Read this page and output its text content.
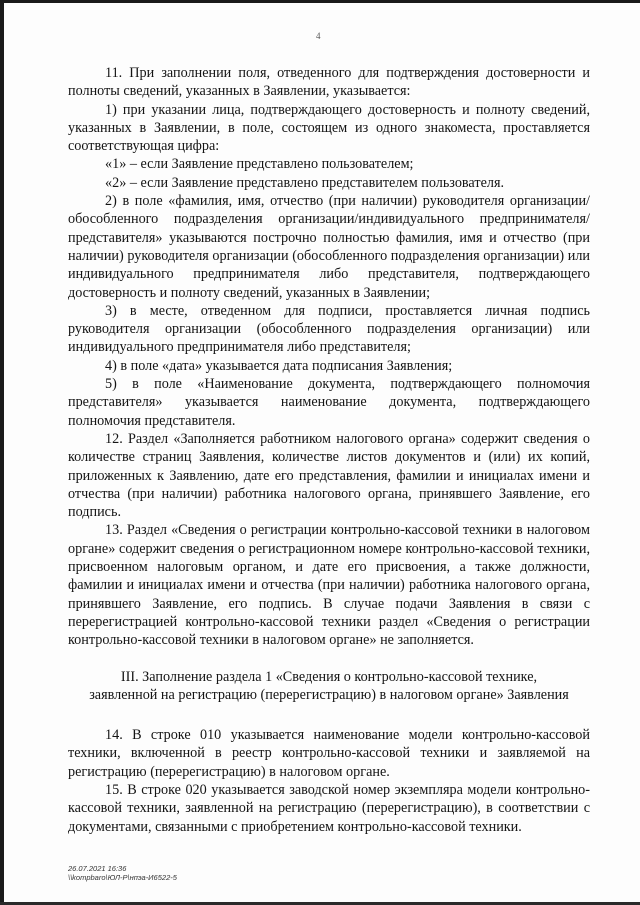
4

11. При заполнении поля, отведенного для подтверждения достоверности и полноты сведений, указанных в Заявлении, указывается:

1) при указании лица, подтверждающего достоверность и полноту сведений, указанных в Заявлении, в поле, состоящем из одного знакоместа, проставляется соответствующая цифра:

«1» – если Заявление представлено пользователем;

«2» – если Заявление представлено представителем пользователя.

2) в поле «фамилия, имя, отчество (при наличии) руководителя организации/обособленного подразделения организации/индивидуального предпринимателя/представителя» указываются построчно полностью фамилия, имя и отчество (при наличии) руководителя организации (обособленного подразделения организации) или индивидуального предпринимателя либо представителя, подтверждающего достоверность и полноту сведений, указанных в Заявлении;

3) в месте, отведенном для подписи, проставляется личная подпись руководителя организации (обособленного подразделения организации) или индивидуального предпринимателя либо представителя;

4) в поле «дата» указывается дата подписания Заявления;

5) в поле «Наименование документа, подтверждающего полномочия представителя» указывается наименование документа, подтверждающего полномочия представителя.

12. Раздел «Заполняется работником налогового органа» содержит сведения о количестве страниц Заявления, количестве листов документов и (или) их копий, приложенных к Заявлению, дате его представления, фамилии и инициалах имени и отчества (при наличии) работника налогового органа, принявшего Заявление, его подпись.

13. Раздел «Сведения о регистрации контрольно-кассовой техники в налоговом органе» содержит сведения о регистрационном номере контрольно-кассовой техники, присвоенном налоговым органом, и дате его присвоения, а также должности, фамилии и инициалах имени и отчества (при наличии) работника налогового органа, принявшего Заявление, его подпись. В случае подачи Заявления в связи с перерегистрацией контрольно-кассовой техники раздел «Сведения о регистрации контрольно-кассовой техники в налоговом органе» не заполняется.

III. Заполнение раздела 1 «Сведения о контрольно-кассовой технике,
заявленной на регистрацию (перерегистрацию) в налоговом органе» Заявления

14. В строке 010 указывается наименование модели контрольно-кассовой техники, включенной в реестр контрольно-кассовой техники и заявляемой на регистрацию (перерегистрацию) в налоговом органе.

15. В строке 020 указывается заводской номер экземпляра модели контрольно-кассовой техники, заявленной на регистрацию (перерегистрацию), в соответствии с документами, связанными с приобретением контрольно-кассовой техники.

26.07.2021 16:36
\\kompbaro\ЮЛ-Р\нпэа-И6522-5
